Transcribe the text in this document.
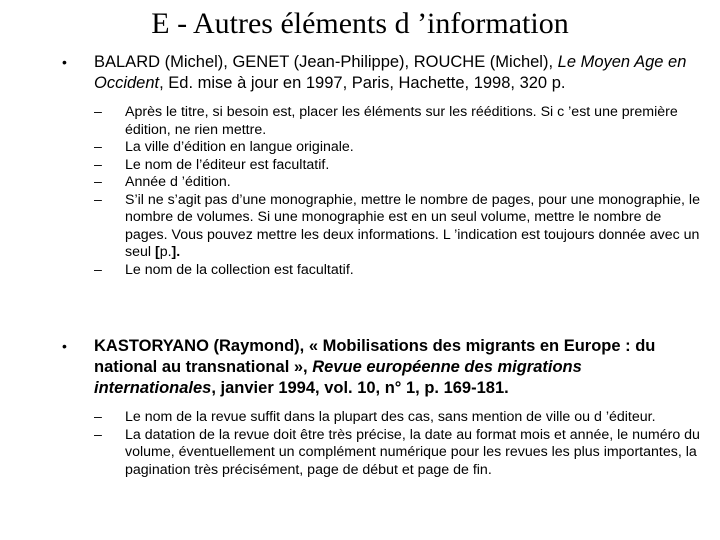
E - Autres éléments d ’information
• BALARD (Michel), GENET (Jean-Philippe), ROUCHE (Michel), Le Moyen Age en Occident, Ed. mise à jour en 1997, Paris, Hachette, 1998, 320 p.
– Après le titre, si besoin est, placer les éléments sur les rééditions. Si c ’est une première édition, ne rien mettre.
– La ville d’édition en langue originale.
– Le nom de l’éditeur est facultatif.
– Année d ’édition.
– S’il ne s’agit pas d’une monographie, mettre le nombre de pages, pour une monographie, le nombre de volumes. Si une monographie est en un seul volume, mettre le nombre de pages. Vous pouvez mettre les deux informations. L ’indication est toujours donnée avec un seul [p.].
– Le nom de la collection est facultatif.
• KASTORYANO (Raymond), « Mobilisations des migrants en Europe : du national au transnational », Revue européenne des migrations internationales, janvier 1994, vol. 10, n° 1, p. 169-181.
– Le nom de la revue suffit dans la plupart des cas, sans mention de ville ou d ’éditeur.
– La datation de la revue doit être très précise, la date au format mois et année, le numéro du volume, éventuellement un complément numérique pour les revues les plus importantes, la pagination très précisément, page de début et page de fin.
